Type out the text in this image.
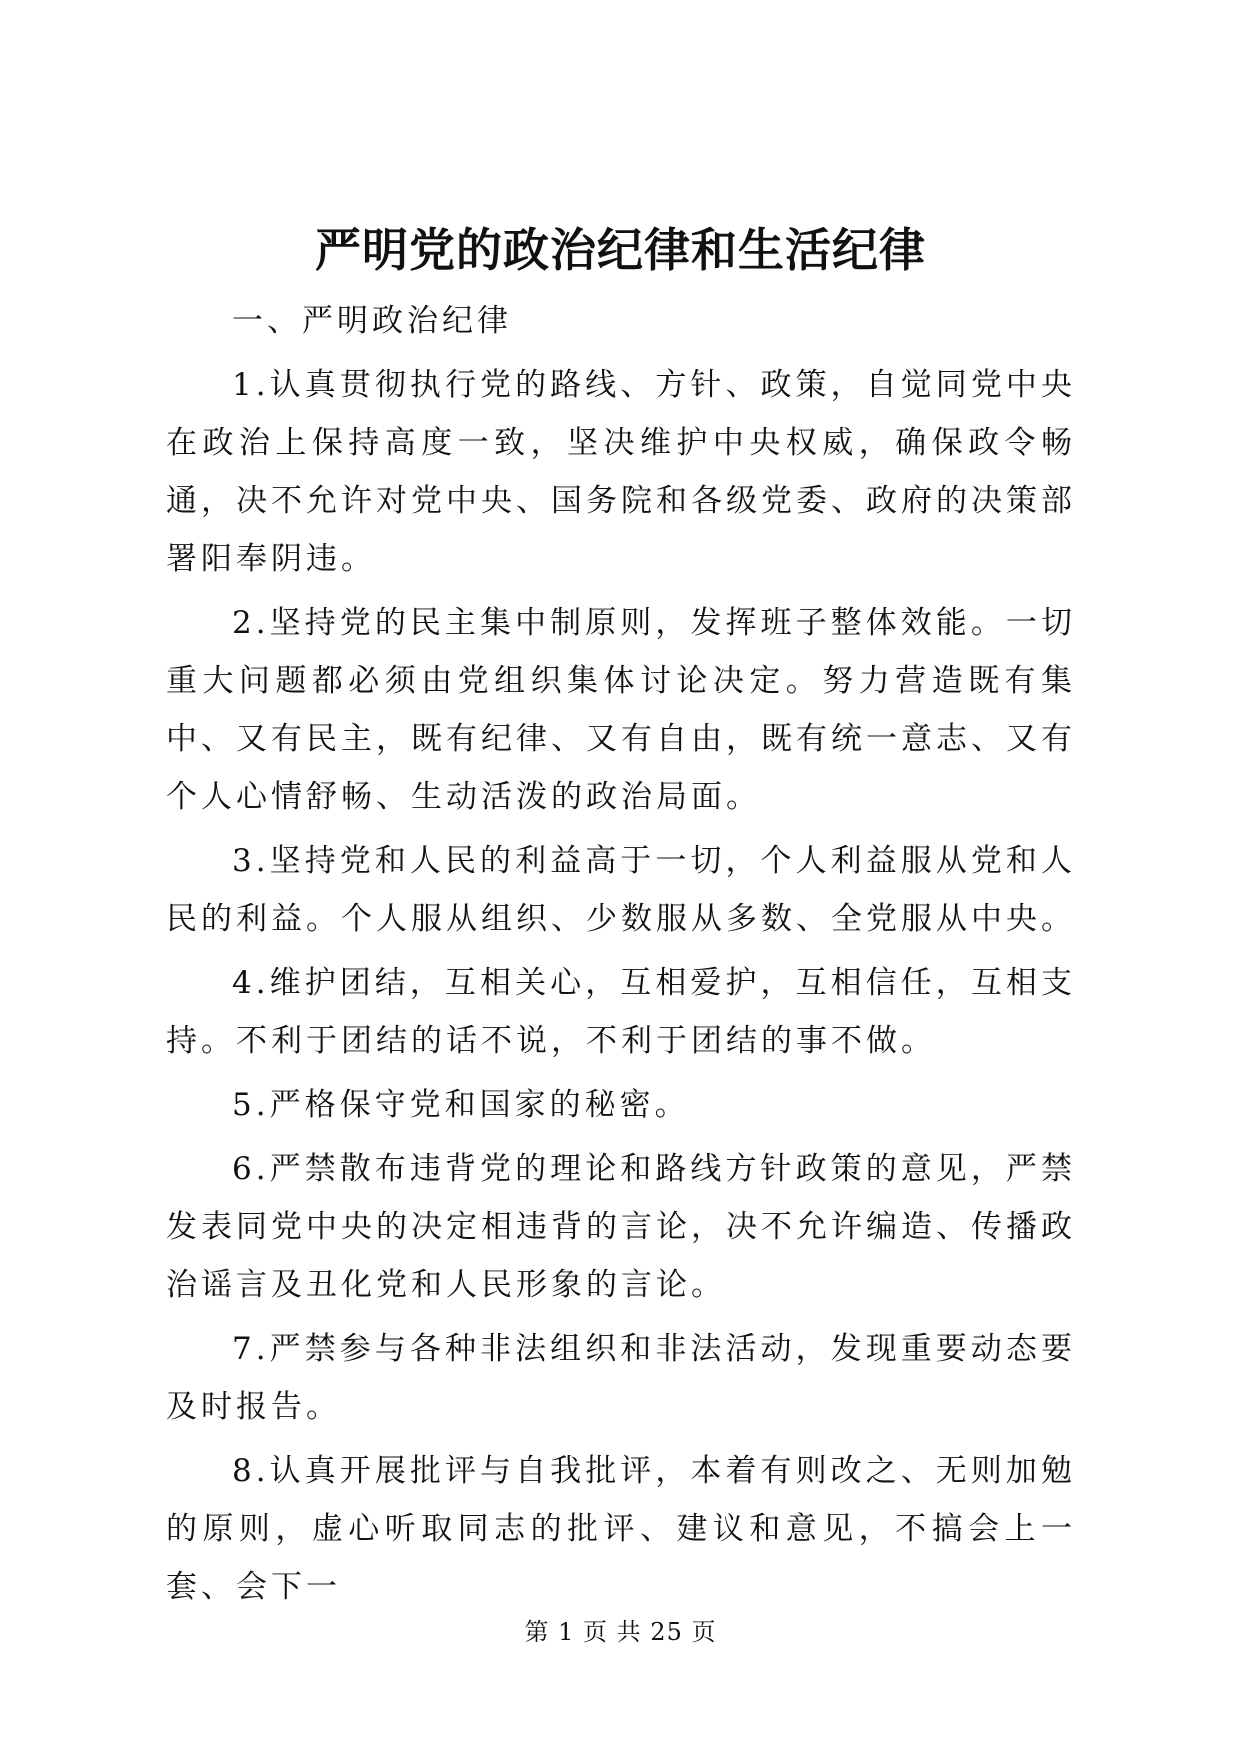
严明党的政治纪律和生活纪律

一、严明政治纪律

1.认真贯彻执行党的路线、方针、政策，自觉同党中央在政治上保持高度一致，坚决维护中央权威，确保政令畅通，决不允许对党中央、国务院和各级党委、政府的决策部署阳奉阴违。

2.坚持党的民主集中制原则，发挥班子整体效能。一切重大问题都必须由党组织集体讨论决定。努力营造既有集中、又有民主，既有纪律、又有自由，既有统一意志、又有个人心情舒畅、生动活泼的政治局面。

3.坚持党和人民的利益高于一切，个人利益服从党和人民的利益。个人服从组织、少数服从多数、全党服从中央。

4.维护团结，互相关心，互相爱护，互相信任，互相支持。不利于团结的话不说，不利于团结的事不做。

5.严格保守党和国家的秘密。

6.严禁散布违背党的理论和路线方针政策的意见，严禁发表同党中央的决定相违背的言论，决不允许编造、传播政治谣言及丑化党和人民形象的言论。

7.严禁参与各种非法组织和非法活动，发现重要动态要及时报告。

8.认真开展批评与自我批评，本着有则改之、无则加勉的原则，虚心听取同志的批评、建议和意见，不搞会上一套、会下一

第 1 页 共 25 页
